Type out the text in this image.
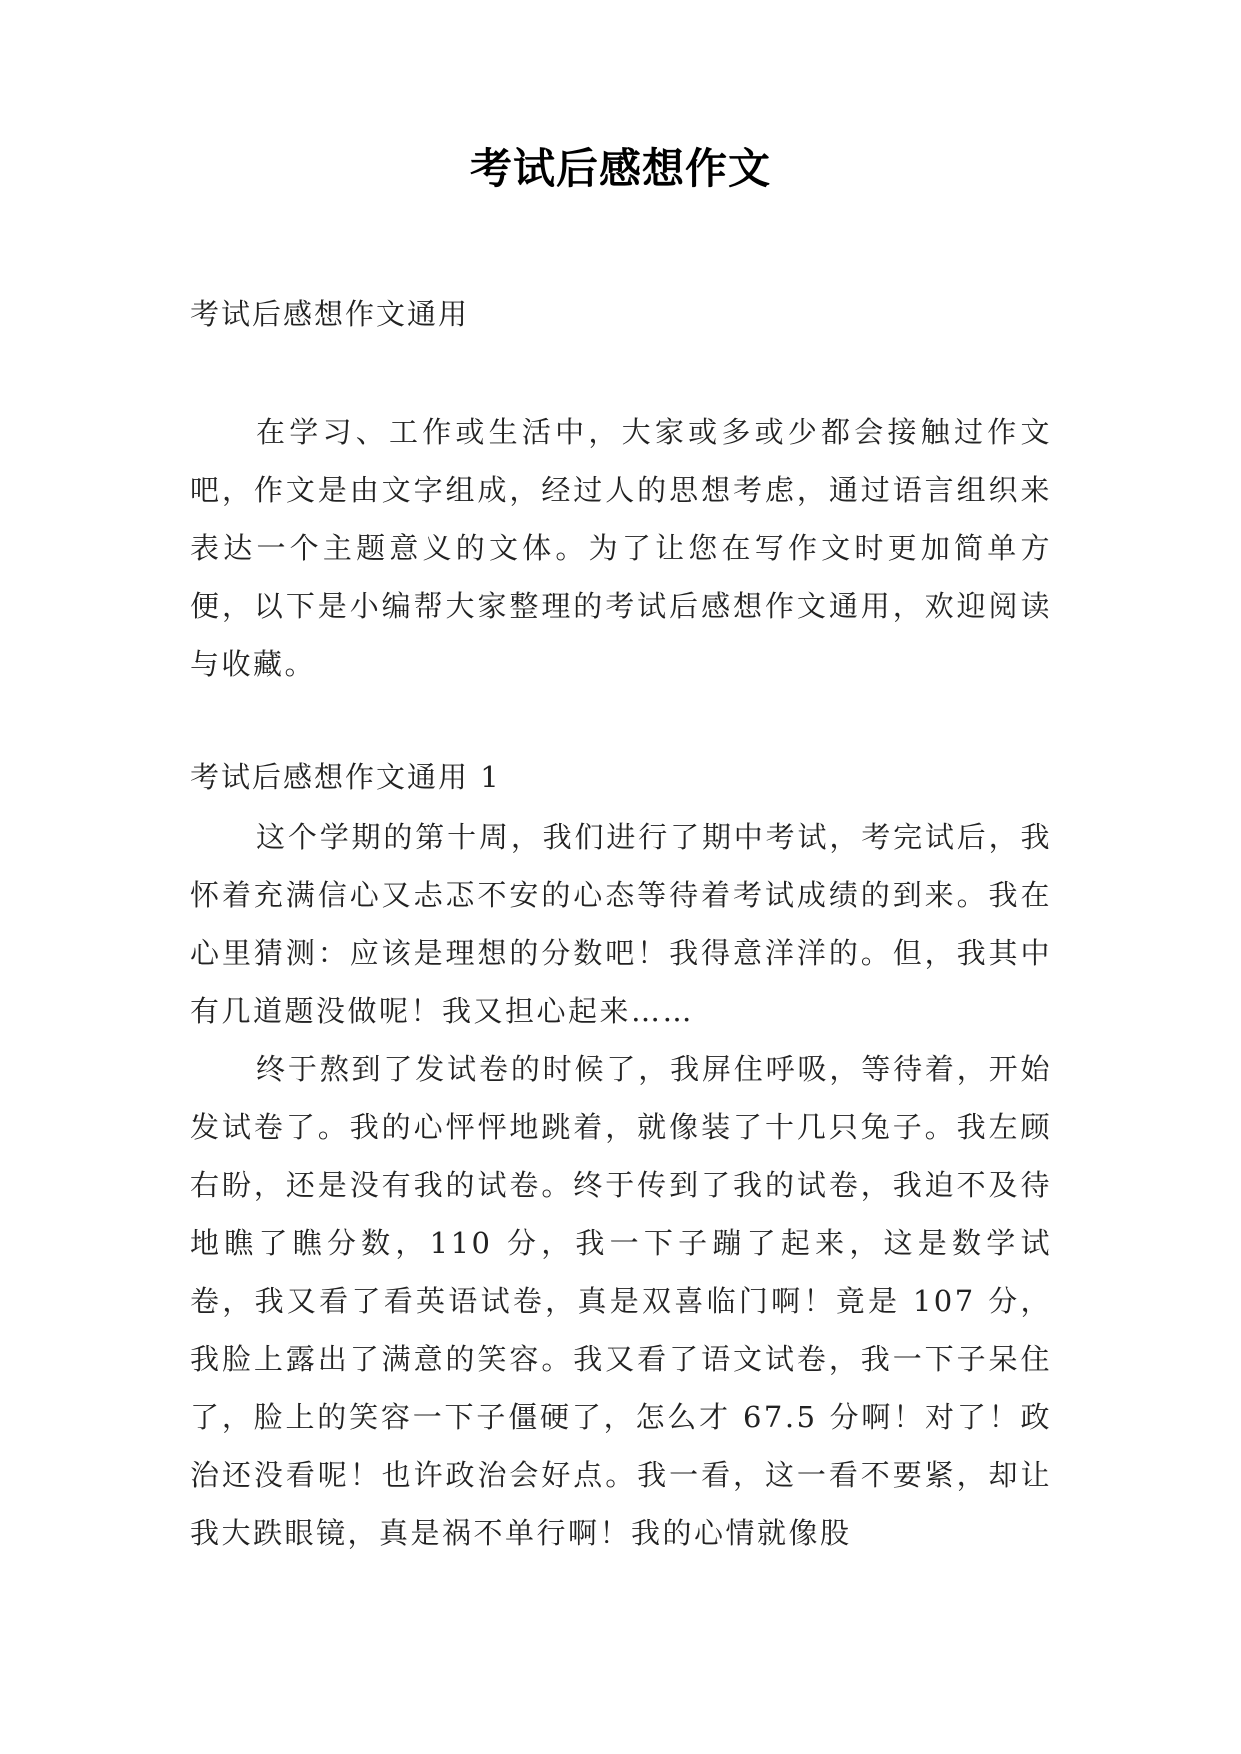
考试后感想作文
考试后感想作文通用

在学习、工作或生活中，大家或多或少都会接触过作文吧，作文是由文字组成，经过人的思想考虑，通过语言组织来表达一个主题意义的文体。为了让您在写作文时更加简单方便，以下是小编帮大家整理的考试后感想作文通用，欢迎阅读与收藏。

考试后感想作文通用 1

这个学期的第十周，我们进行了期中考试，考完试后，我怀着充满信心又忐忑不安的心态等待着考试成绩的到来。我在心里猜测：应该是理想的分数吧！我得意洋洋的。但，我其中有几道题没做呢！我又担心起来……

终于熬到了发试卷的时候了，我屏住呼吸，等待着，开始发试卷了。我的心怦怦地跳着，就像装了十几只兔子。我左顾右盼，还是没有我的试卷。终于传到了我的试卷，我迫不及待地瞧了瞧分数，110 分，我一下子蹦了起来，这是数学试卷，我又看了看英语试卷，真是双喜临门啊！竟是 107 分，我脸上露出了满意的笑容。我又看了语文试卷，我一下子呆住了，脸上的笑容一下子僵硬了，怎么才 67.5 分啊！对了！政治还没看呢！也许政治会好点。我一看，这一看不要紧，却让我大跌眼镜，真是祸不单行啊！我的心情就像股
